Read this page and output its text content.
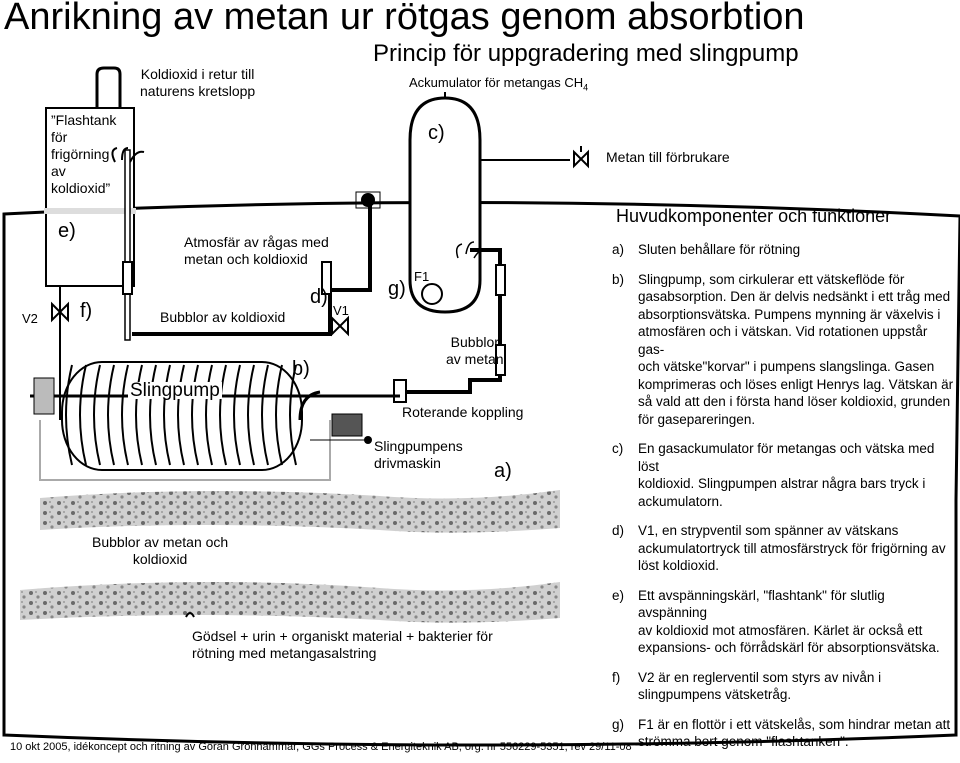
Anrikning av metan ur rötgas genom absorbtion
Princip för uppgradering med slingpump
Koldioxid i retur till
naturens kretslopp
Ackumulator för metangas $CH_4$
”Flashtank
för
frigörning
av
koldioxid”
c)
Metan till förbrukare
e)	Atmosfär av rågas med
metan och koldioxid
d)	g)
F1
V2 f)	Bubblor av koldioxid	V1
Bubblor
av metan
b)
Slingpump
Roterande koppling
Slingpumpens
drivmaskin	a)
Bubblor av metan och
koldioxid
Gödsel + urin + organiskt material + bakterier för
rötning med metangasalstring
Huvudkomponenter och funktioner
a) Sluten behållare för rötning
b) Slingpump, som cirkulerar ett vätskeflöde för
gasabsorption. Den är delvis nedsänkt i ett tråg med
absorptionsvätska. Pumpens mynning är växelvis i
atmosfären och i vätskan. Vid rotationen uppstår gas-
och vätske"korvar" i pumpens slangslinga. Gasen
komprimeras och löses enligt Henrys lag. Vätskan är
så vald att den i första hand löser koldioxid, grunden
för gasepareringen.
c) En gasackumulator för metangas och vätska med löst
koldioxid. Slingpumpen alstrar några bars tryck i
ackumulatorn.
d) V1, en strypventil som spänner av vätskans
ackumulatortryck till atmosfärstryck för frigörning av
löst koldioxid.
e) Ett avspänningskärl, "flashtank" för slutlig avspänning
av koldioxid mot atmosfären. Kärlet är också ett
expansions- och förrådskärl för absorptionsvätska.
f) V2 är en reglerventil som styrs av nivån i
slingpumpens vätsketråg.
g) F1 är en flottör i ett vätskelås, som hindrar metan att
strömma bort genom "flashtanken".
10 okt 2005, idékoncept och ritning av Göran Grönhammar, GGs Process & Energiteknik AB, org. nr 556229-5351, rev 29/11-08
